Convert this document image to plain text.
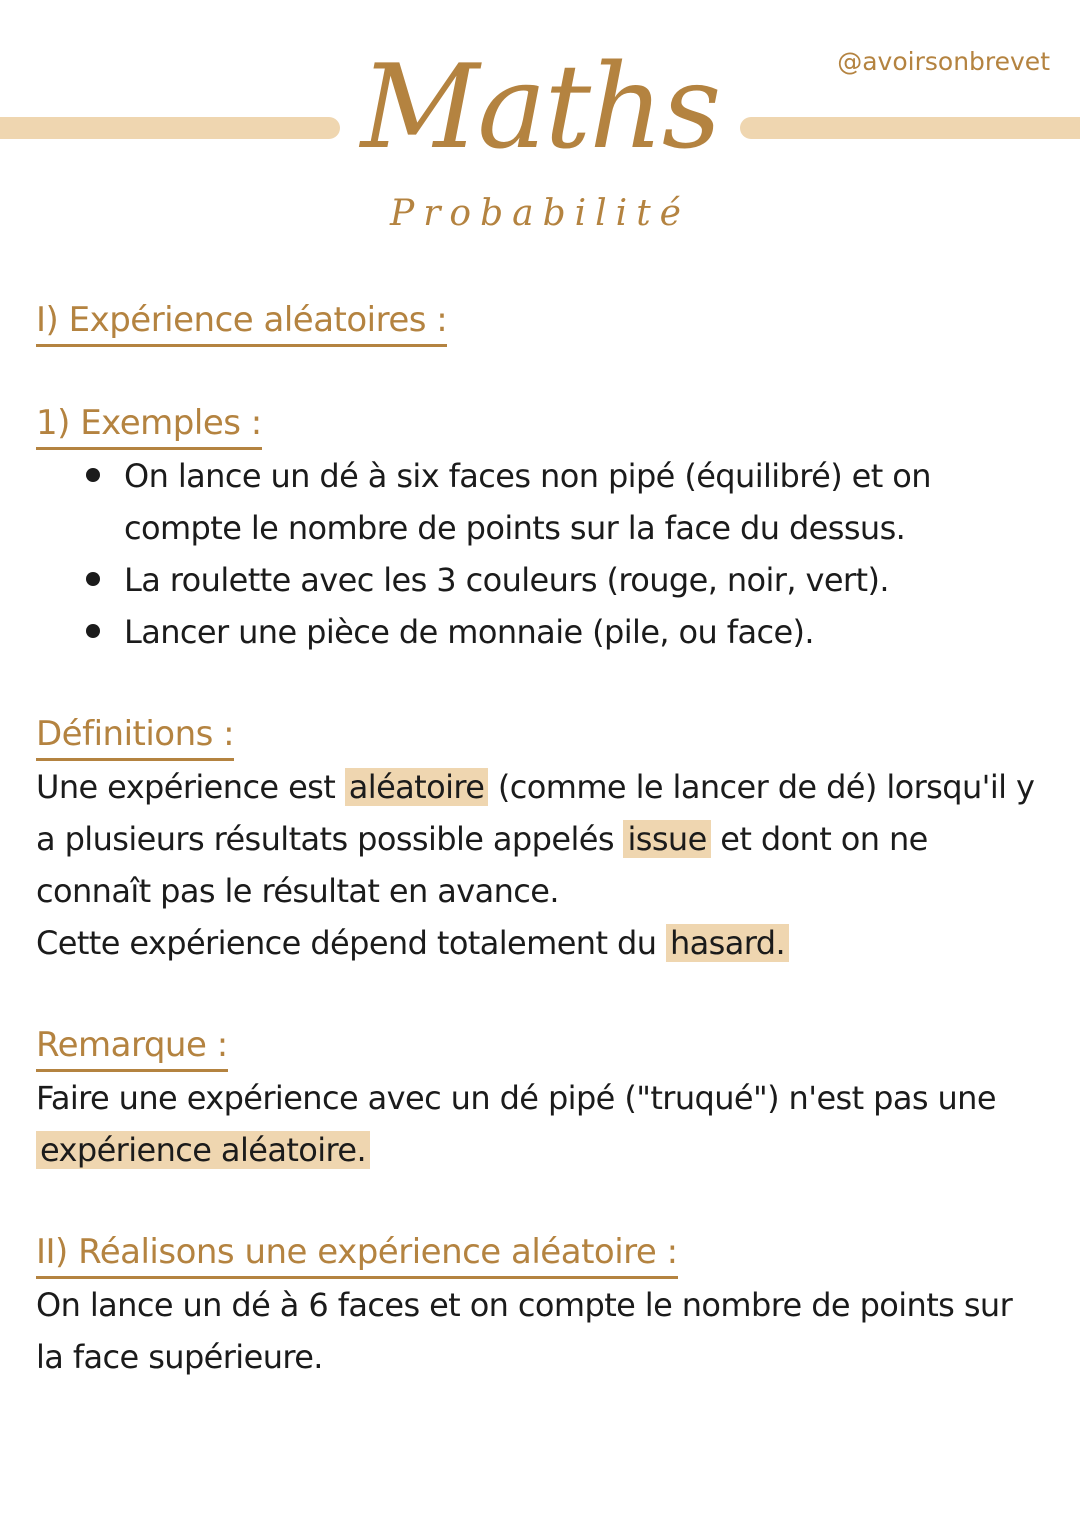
Maths
Probabilité
@avoirsonbrevet
I) Expérience aléatoires :
1) Exemples :
On lance un dé à six faces non pipé (équilibré) et on compte le nombre de points sur la face du dessus.
La roulette avec les 3 couleurs (rouge, noir, vert).
Lancer une pièce de monnaie (pile, ou face).
Définitions :

Une expérience est aléatoire (comme le lancer de dé) lorsqu'il y a plusieurs résultats possible appelés issue et dont on ne connaît pas le résultat en avance.

Cette expérience dépend totalement du hasard.

Remarque :

Faire une expérience avec un dé pipé ("truqué") n'est pas une expérience aléatoire.

II) Réalisons une expérience aléatoire :

On lance un dé à 6 faces et on compte le nombre de points sur la face supérieure.
